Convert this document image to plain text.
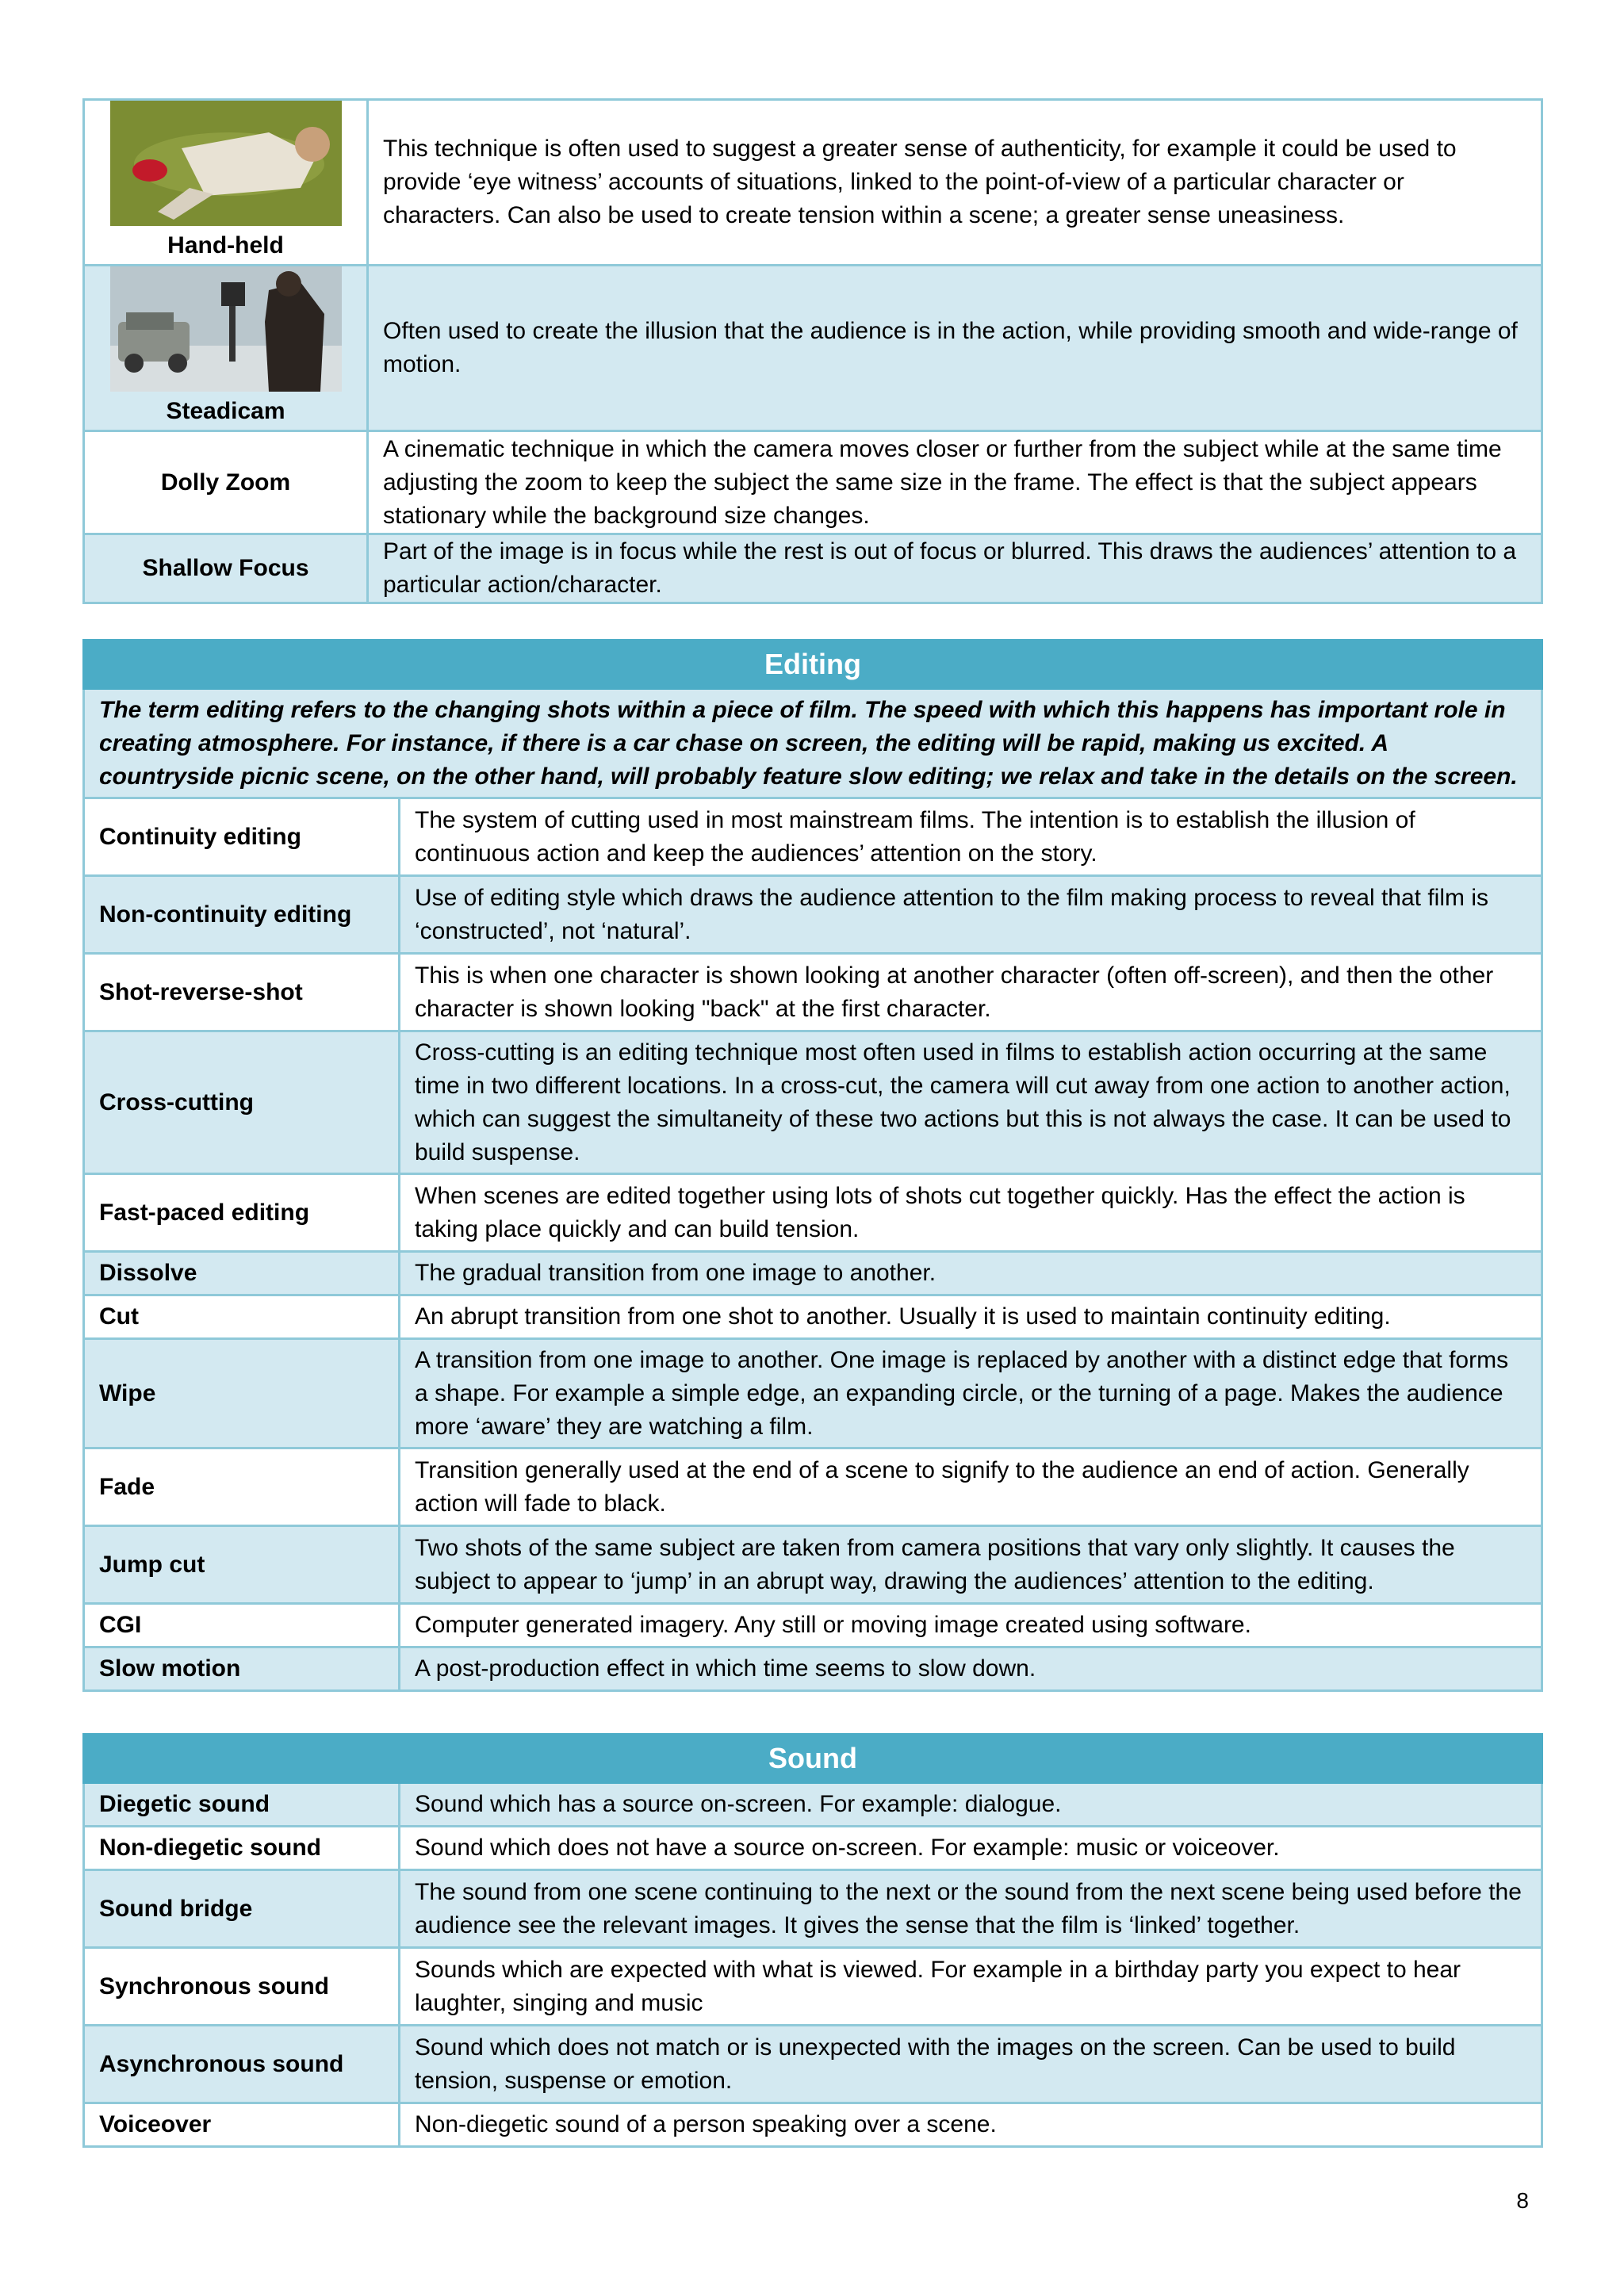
Hand-held	This technique is often used to suggest a greater sense of authenticity, for example it could be used to provide ‘eye witness’ accounts of situations, linked to the point-of-view of a particular character or characters. Can also be used to create tension within a scene; a greater sense uneasiness.

Steadicam	Often used to create the illusion that the audience is in the action, while providing smooth and wide-range of motion.
Dolly Zoom	A cinematic technique in which the camera moves closer or further from the subject while at the same time adjusting the zoom to keep the subject the same size in the frame. The effect is that the subject appears stationary while the background size changes.
Shallow Focus	Part of the image is in focus while the rest is out of focus or blurred. This draws the audiences’ attention to a particular action/character.
Editing	
The term editing refers to the changing shots within a piece of film. The speed with which this happens has important role in creating atmosphere. For instance, if there is a car chase on screen, the editing will be rapid, making us excited. A countryside picnic scene, on the other hand, will probably feature slow editing; we relax and take in the details on the screen.	
Continuity editing	The system of cutting used in most mainstream films. The intention is to establish the illusion of continuous action and keep the audiences’ attention on the story.
Non-continuity editing	Use of editing style which draws the audience attention to the film making process to reveal that film is ‘constructed’, not ‘natural’.
Shot-reverse-shot	This is when one character is shown looking at another character (often off-screen), and then the other character is shown looking "back" at the first character.
Cross-cutting	Cross-cutting is an editing technique most often used in films to establish action occurring at the same time in two different locations. In a cross-cut, the camera will cut away from one action to another action, which can suggest the simultaneity of these two actions but this is not always the case. It can be used to build suspense.
Fast-paced editing	When scenes are edited together using lots of shots cut together quickly. Has the effect the action is taking place quickly and can build tension.
Dissolve	The gradual transition from one image to another.
Cut	An abrupt transition from one shot to another. Usually it is used to maintain continuity editing.
Wipe	A transition from one image to another. One image is replaced by another with a distinct edge that forms a shape. For example a simple edge, an expanding circle, or the turning of a page. Makes the audience more ‘aware’ they are watching a film.
Fade	Transition generally used at the end of a scene to signify to the audience an end of action. Generally action will fade to black.
Jump cut	Two shots of the same subject are taken from camera positions that vary only slightly. It causes the subject to appear to ‘jump’ in an abrupt way, drawing the audiences’ attention to the editing.
CGI	Computer generated imagery. Any still or moving image created using software.
Slow motion	A post-production effect in which time seems to slow down.
Sound	
Diegetic sound	Sound which has a source on-screen. For example: dialogue.
Non-diegetic sound	Sound which does not have a source on-screen. For example: music or voiceover.
Sound bridge	The sound from one scene continuing to the next or the sound from the next scene being used before the audience see the relevant images. It gives the sense that the film is ‘linked’ together.
Synchronous sound	Sounds which are expected with what is viewed. For example in a birthday party you expect to hear laughter, singing and music
Asynchronous sound	Sound which does not match or is unexpected with the images on the screen. Can be used to build tension, suspense or emotion.
Voiceover	Non-diegetic sound of a person speaking over a scene.
8
